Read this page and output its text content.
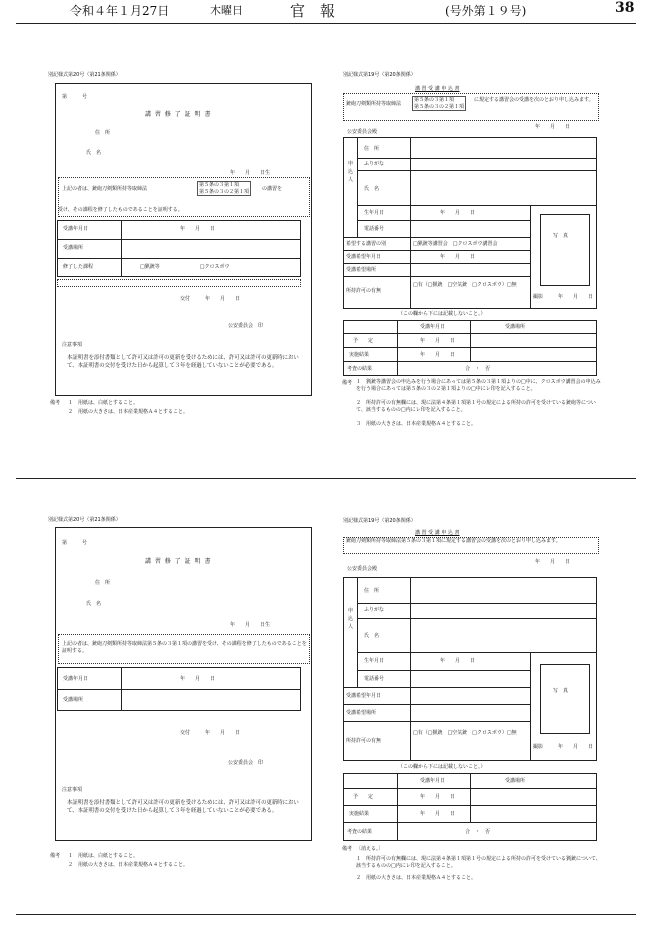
令和４年１月27日	木曜日	官　報	(号外第１９号)	38
別記様式第20号（第21条関係）
第　　　号
講 習 修 了 証 明 書
住　所
氏　名
年　　月　　日生
上記の者は、銃砲刀剣類所持等取締法
第５条の３第１項
第５条の３の２第１項	の講習を
受け、その課程を修了したものであることを証明する。
受講年月日	年　　月　　日
受講場所
修了した課程	□猟銃等　　　　　　　　□クロスボウ
交付　　　年　　月　　日
公安委員会　印
注意事項
本証明書を添付書類として許可又は許可の更新を受けるためには、許可又は許可の更新時において、本証明書の交付を受けた日から起算して３年を経過していないことが必要である。
備考 １　用紙は、白紙とすること。
２　用紙の大きさは、日本産業規格Ａ４とすること。
別記様式第19号（第20条関係）
講 習 受 講 申 込 書
銃砲刀剣類所持等取締法
第５条の３第１項
第５条の３の２第１項
に規定する講習会の受講を次のとおり申し込みます。
年　　月　　日
公安委員会殿
申込人
住　所
ふりがな
氏　名
生年月日	年　　月　　日
電話番号
希望する講習の別	□猟銃等講習会　□クロスボウ講習会
受講希望年月日	年　　月　　日
受講希望場所
所持許可の有無
□有（□猟銃　□空気銃　□クロスボウ）□無
写　真
撮影　　　年　　月　　日
（この欄から下には記載しないこと。）
受講年月日	受講場所
予　　定	年　　月　　日
実施結果	年　　月　　日
考査の結果	合　・　否
備考 １　猟銃等講習会の申込みを行う場合にあっては第５条の３第１項よりの□中に、クロスボウ講習会の申込みを行う場合にあっては第５条の３の２第１項よりの□中にレ印を記入すること。
２　所持許可の有無欄には、現に法第４条第１項第１号の規定による所持の許可を受けている銃砲等について、該当するものの□内にレ印を記入すること。
３　用紙の大きさは、日本産業規格Ａ４とすること。
別記様式第20号（第21条関係）
第　　　号
講 習 修 了 証 明 書
住　所
氏　名
年　　月　　日生
上記の者は、銃砲刀剣類所持等取締法第５条の３第１項の講習を受け、その課程を修了したものであることを証明する。
受講年月日	年　　月　　日
受講場所
交付　　　年　　月　　日
公安委員会　印
注意事項
本証明書を添付書類として許可又は許可の更新を受けるためには、許可又は許可の更新時において、本証明書の交付を受けた日から起算して３年を経過していないことが必要である。
備考 １　用紙は、白紙とすること。
２　用紙の大きさは、日本産業規格Ａ４とすること。
別記様式第19号（第20条関係）
講 習 受 講 申 込 書
銃砲刀剣類所持等取締法第５条の３第１項に規定する講習会の受講を次のとおり申し込みます。
年　　月　　日
公安委員会殿
申込人
住　所
ふりがな
氏　名
生年月日	年　　月　　日
電話番号
受講希望年月日
受講希望場所
所持許可の有無
□有（□猟銃　□空気銃　□クロスボウ）□無
写　真
撮影　　　年　　月　　日
（この欄から下には記載しないこと。）
受講年月日	受講場所
予　　定	年　　月　　日
実施結果	年　　月　　日
考査の結果	合　・　否
備考 〔消える。〕
１　所持許可の有無欄には、現に法第４条第１項第１号の規定による所持の許可を受けている猟銃について、該当するものの□内にレ印を記入すること。
２　用紙の大きさは、日本産業規格Ａ４とすること。
